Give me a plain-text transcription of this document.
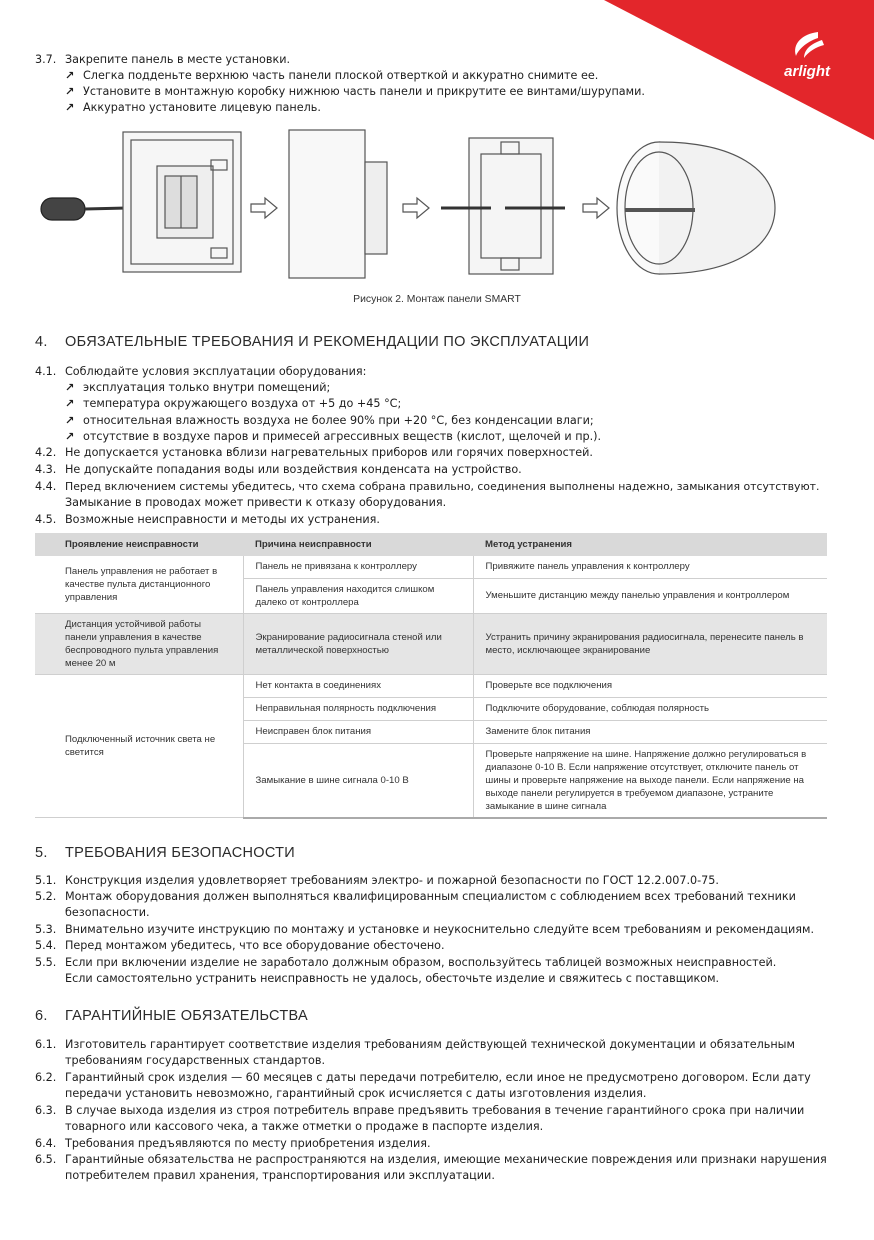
arlight
3.7. Закрепите панель в месте установки.
↗ Слегка подденьте верхнюю часть панели плоской отверткой и аккуратно снимите ее.
↗ Установите в монтажную коробку нижнюю часть панели и прикрутите ее винтами/шурупами.
↗ Аккуратно установите лицевую панель.
Рисунок 2. Монтаж панели SMART
4. ОБЯЗАТЕЛЬНЫЕ ТРЕБОВАНИЯ И РЕКОМЕНДАЦИИ ПО ЭКСПЛУАТАЦИИ
4.1. Соблюдайте условия эксплуатации оборудования:
↗ эксплуатация только внутри помещений;
↗ температура окружающего воздуха от +5 до +45 °C;
↗ относительная влажность воздуха не более 90% при +20 °C, без конденсации влаги;
↗ отсутствие в воздухе паров и примесей агрессивных веществ (кислот, щелочей и пр.).
4.2. Не допускается установка вблизи нагревательных приборов или горячих поверхностей.
4.3. Не допускайте попадания воды или воздействия конденсата на устройство.
4.4. Перед включением системы убедитесь, что схема собрана правильно, соединения выполнены надежно, замыкания отсутствуют.
Замыкание в проводах может привести к отказу оборудования.
4.5. Возможные неисправности и методы их устранения.
Проявление неисправности	Причина неисправности	Метод устранения
Панель управления не работает в качестве пульта дистанционного управления	Панель не привязана к контроллеру	Привяжите панель управления к контроллеру
	Панель управления находится слишком далеко от контроллера	Уменьшите дистанцию между панелью управления и контроллером
Дистанция устойчивой работы панели управления в качестве беспроводного пульта управления менее 20 м	Экранирование радиосигнала стеной или металлической поверхностью	Устранить причину экранирования радиосигнала, перенесите панель в место, исключающее экранирование
Подключенный источник света не светится	Нет контакта в соединениях	Проверьте все подключения
	Неправильная полярность подключения	Подключите оборудование, соблюдая полярность
	Неисправен блок питания	Замените блок питания
	Замыкание в шине сигнала 0-10 В	Проверьте напряжение на шине. Напряжение должно регулироваться в диапазоне 0-10 В. Если напряжение отсутствует, отключите панель от шины и проверьте напряжение на выходе панели. Если напряжение на выходе панели регулируется в требуемом диапазоне, устраните замыкание в шине сигнала
5. ТРЕБОВАНИЯ БЕЗОПАСНОСТИ
5.1. Конструкция изделия удовлетворяет требованиям электро- и пожарной безопасности по ГОСТ 12.2.007.0-75.
5.2. Монтаж оборудования должен выполняться квалифицированным специалистом с соблюдением всех требований техники
безопасности.
5.3. Внимательно изучите инструкцию по монтажу и установке и неукоснительно следуйте всем требованиям и рекомендациям.
5.4. Перед монтажом убедитесь, что все оборудование обесточено.
5.5. Если при включении изделие не заработало должным образом, воспользуйтесь таблицей возможных неисправностей.
Если самостоятельно устранить неисправность не удалось, обесточьте изделие и свяжитесь с поставщиком.
6. ГАРАНТИЙНЫЕ ОБЯЗАТЕЛЬСТВА
6.1. Изготовитель гарантирует соответствие изделия требованиям действующей технической документации и обязательным
требованиям государственных стандартов.
6.2. Гарантийный срок изделия — 60 месяцев с даты передачи потребителю, если иное не предусмотрено договором. Если дату
передачи установить невозможно, гарантийный срок исчисляется с даты изготовления изделия.
6.3. В случае выхода изделия из строя потребитель вправе предъявить требования в течение гарантийного срока при наличии
товарного или кассового чека, а также отметки о продаже в паспорте изделия.
6.4. Требования предъявляются по месту приобретения изделия.
6.5. Гарантийные обязательства не распространяются на изделия, имеющие механические повреждения или признаки нарушения
потребителем правил хранения, транспортирования или эксплуатации.
